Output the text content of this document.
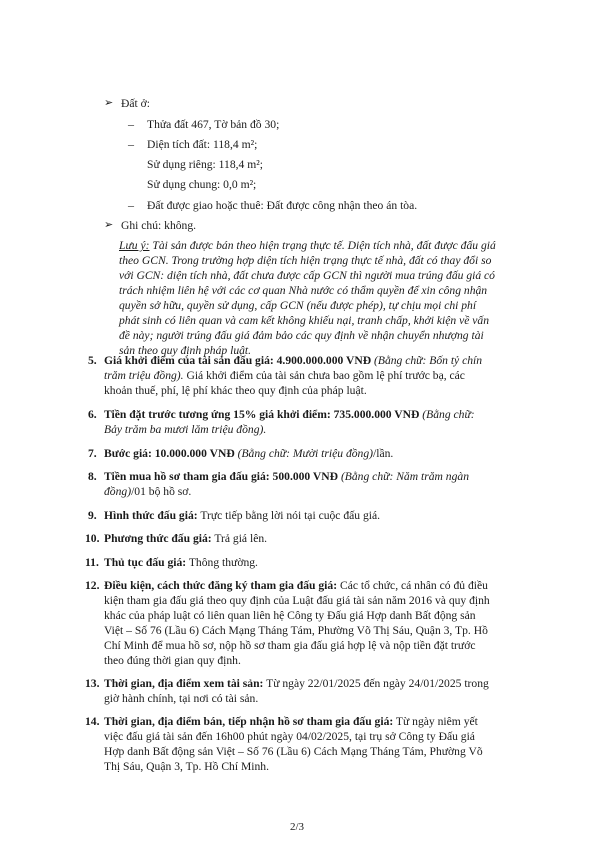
➢ Đất ở:
– Thửa đất 467, Tờ bản đồ 30;
– Diện tích đất: 118,4 m²;
Sử dụng riêng: 118,4 m²;
Sử dụng chung: 0,0 m²;
– Đất được giao hoặc thuê: Đất được công nhận theo án tòa.
➢ Ghi chú: không.
Lưu ý: Tài sản được bán theo hiện trạng thực tế. Diện tích nhà, đất được đấu giá
theo GCN. Trong trường hợp diện tích hiện trạng thực tế nhà, đất có thay đổi so
với GCN: diện tích nhà, đất chưa được cấp GCN thì người mua trúng đấu giá có
trách nhiệm liên hệ với các cơ quan Nhà nước có thẩm quyền để xin công nhận
quyền sở hữu, quyền sử dụng, cấp GCN (nếu được phép), tự chịu mọi chi phí
phát sinh có liên quan và cam kết không khiếu nại, tranh chấp, khởi kiện về vấn
đề này; người trúng đấu giá đảm bảo các quy định về nhận chuyển nhượng tài
sản theo quy định pháp luật.
5. Giá khởi điểm của tài sản đấu giá: 4.900.000.000 VNĐ (Bằng chữ: Bốn tỷ chín
trăm triệu đồng). Giá khởi điểm của tài sản chưa bao gồm lệ phí trước bạ, các
khoản thuế, phí, lệ phí khác theo quy định của pháp luật.
6. Tiền đặt trước tương ứng 15% giá khởi điểm: 735.000.000 VNĐ (Bằng chữ:
Bảy trăm ba mươi lăm triệu đồng).
7. Bước giá: 10.000.000 VNĐ (Bằng chữ: Mười triệu đồng)/lần.
8. Tiền mua hồ sơ tham gia đấu giá: 500.000 VNĐ (Bằng chữ: Năm trăm ngàn
đồng)/01 bộ hồ sơ.
9. Hình thức đấu giá: Trực tiếp bằng lời nói tại cuộc đấu giá.
10. Phương thức đấu giá: Trả giá lên.
11. Thủ tục đấu giá: Thông thường.
12. Điều kiện, cách thức đăng ký tham gia đấu giá: Các tổ chức, cá nhân có đủ điều
kiện tham gia đấu giá theo quy định của Luật đấu giá tài sản năm 2016 và quy định
khác của pháp luật có liên quan liên hệ Công ty Đấu giá Hợp danh Bất động sản
Việt – Số 76 (Lầu 6) Cách Mạng Tháng Tám, Phường Võ Thị Sáu, Quận 3, Tp. Hồ
Chí Minh để mua hồ sơ, nộp hồ sơ tham gia đấu giá hợp lệ và nộp tiền đặt trước
theo đúng thời gian quy định.
13. Thời gian, địa điểm xem tài sản: Từ ngày 22/01/2025 đến ngày 24/01/2025 trong
giờ hành chính, tại nơi có tài sản.
14. Thời gian, địa điểm bán, tiếp nhận hồ sơ tham gia đấu giá: Từ ngày niêm yết
việc đấu giá tài sản đến 16h00 phút ngày 04/02/2025, tại trụ sở Công ty Đấu giá
Hợp danh Bất động sản Việt – Số 76 (Lầu 6) Cách Mạng Tháng Tám, Phường Võ
Thị Sáu, Quận 3, Tp. Hồ Chí Minh.
2/3
